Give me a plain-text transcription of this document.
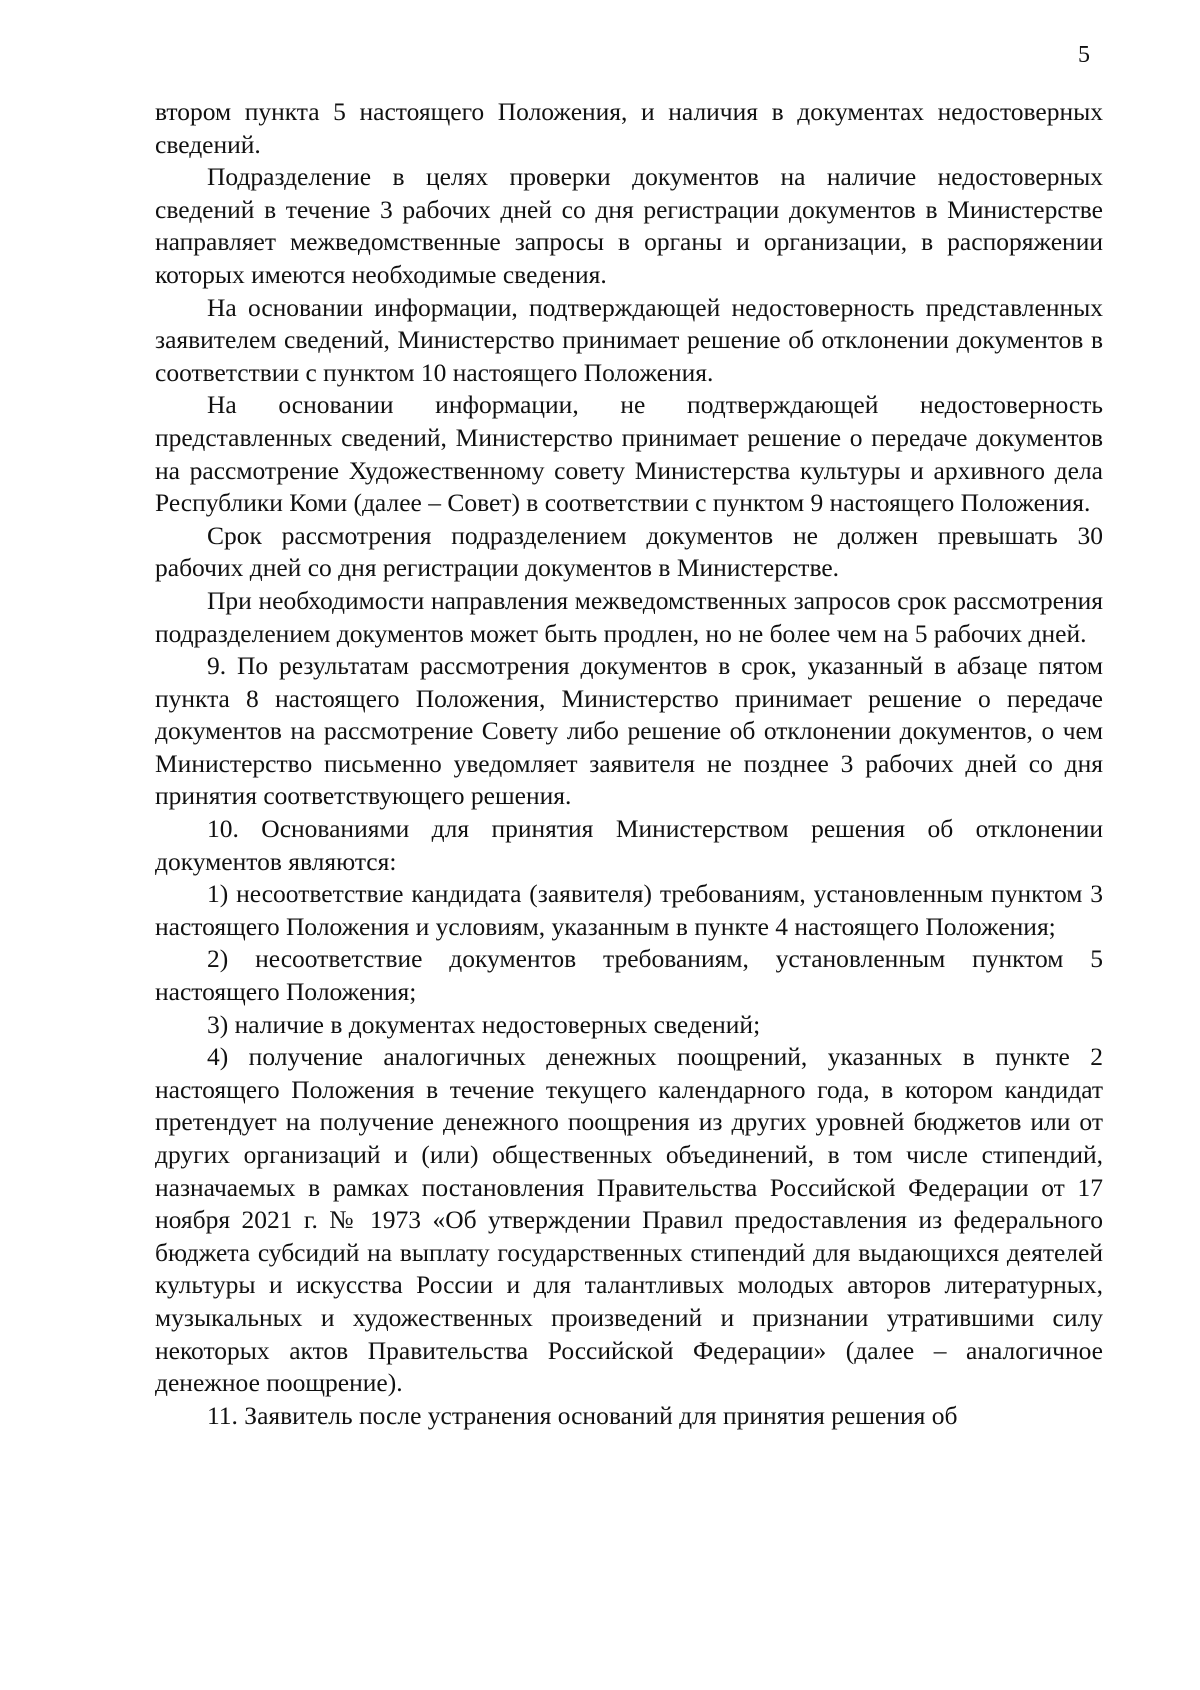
5

втором пункта 5 настоящего Положения, и наличия в документах недостоверных сведений.

Подразделение в целях проверки документов на наличие недостоверных сведений в течение 3 рабочих дней со дня регистрации документов в Министерстве направляет межведомственные запросы в органы и организации, в распоряжении которых имеются необходимые сведения.

На основании информации, подтверждающей недостоверность представленных заявителем сведений, Министерство принимает решение об отклонении документов в соответствии с пунктом 10 настоящего Положения.

На основании информации, не подтверждающей недостоверность представленных сведений, Министерство принимает решение о передаче документов на рассмотрение Художественному совету Министерства культуры и архивного дела Республики Коми (далее – Совет) в соответствии с пунктом 9 настоящего Положения.

Срок рассмотрения подразделением документов не должен превышать 30 рабочих дней со дня регистрации документов в Министерстве.

При необходимости направления межведомственных запросов срок рассмотрения подразделением документов может быть продлен, но не более чем на 5 рабочих дней.

9. По результатам рассмотрения документов в срок, указанный в абзаце пятом пункта 8 настоящего Положения, Министерство принимает решение о передаче документов на рассмотрение Совету либо решение об отклонении документов, о чем Министерство письменно уведомляет заявителя не позднее 3 рабочих дней со дня принятия соответствующего решения.

10. Основаниями для принятия Министерством решения об отклонении документов являются:

1) несоответствие кандидата (заявителя) требованиям, установленным пунктом 3 настоящего Положения и условиям, указанным в пункте 4 настоящего Положения;

2) несоответствие документов требованиям, установленным пунктом 5 настоящего Положения;

3) наличие в документах недостоверных сведений;

4) получение аналогичных денежных поощрений, указанных в пункте 2 настоящего Положения в течение текущего календарного года, в котором кандидат претендует на получение денежного поощрения из других уровней бюджетов или от других организаций и (или) общественных объединений, в том числе стипендий, назначаемых в рамках постановления Правительства Российской Федерации от 17 ноября 2021 г. № 1973 «Об утверждении Правил предоставления из федерального бюджета субсидий на выплату государственных стипендий для выдающихся деятелей культуры и искусства России и для талантливых молодых авторов литературных, музыкальных и художественных произведений и признании утратившими силу некоторых актов Правительства Российской Федерации» (далее – аналогичное денежное поощрение).

11. Заявитель после устранения оснований для принятия решения об
